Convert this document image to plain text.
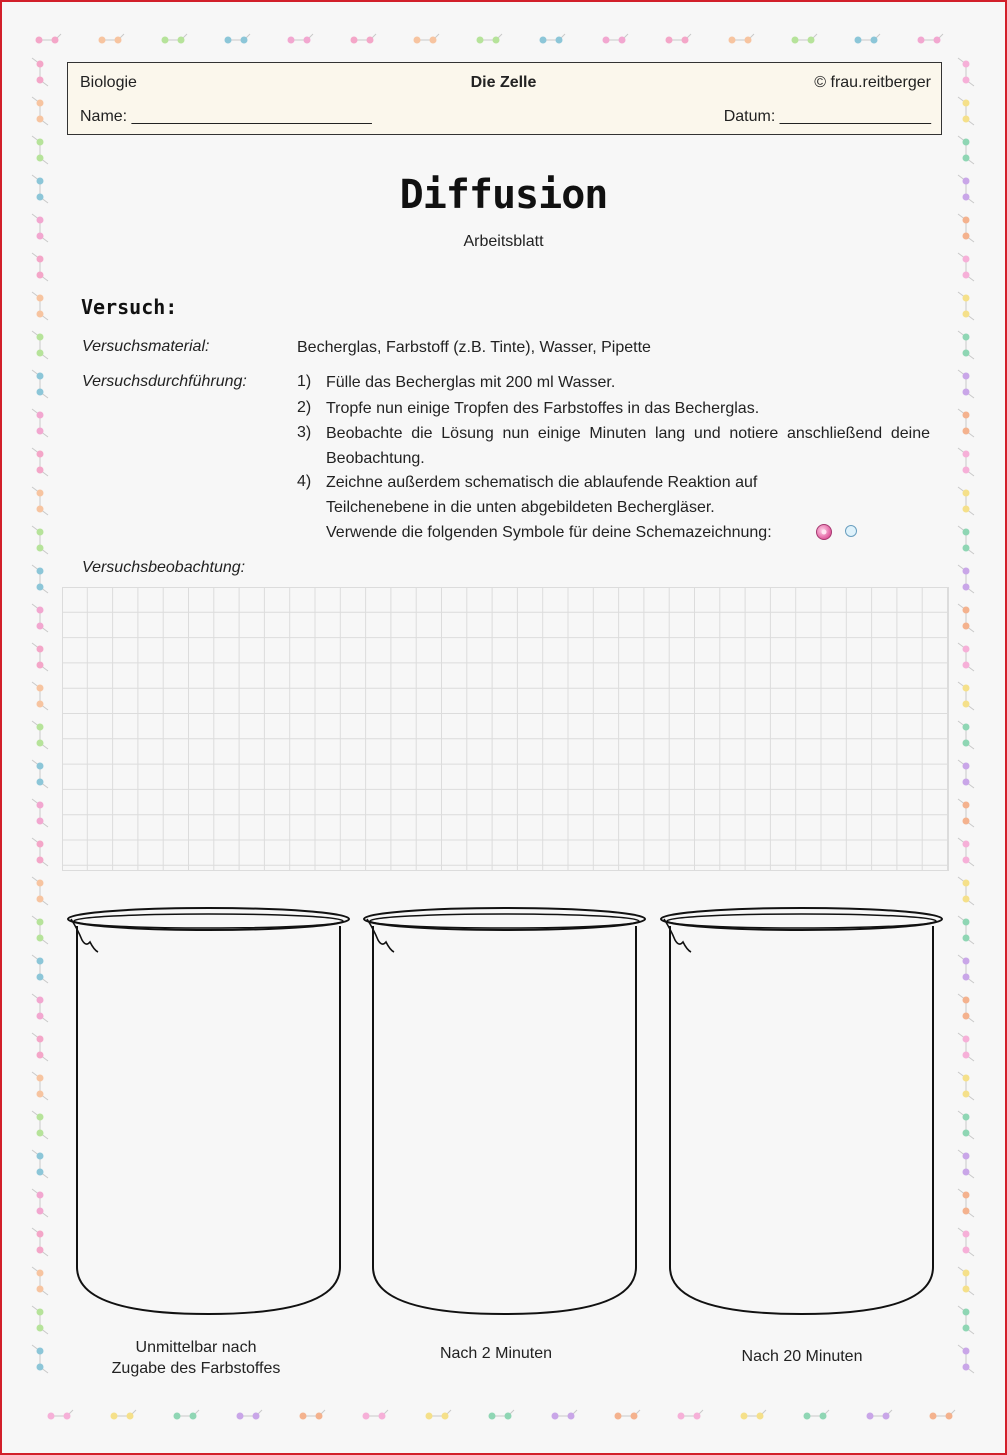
Biologie	Die Zelle	© frau.reitberger
Name: ___________________________	Datum: _________________
Diffusion
Arbeitsblatt
Versuch:
Versuchsmaterial:	Becherglas, Farbstoff (z.B. Tinte), Wasser, Pipette
Versuchsdurchführung:	1) Fülle das Becherglas mit 200 ml Wasser.
2) Tropfe nun einige Tropfen des Farbstoffes in das Becherglas.
3) Beobachte die Lösung nun einige Minuten lang und notiere anschließend deine Beobachtung.
4) Zeichne außerdem schematisch die ablaufende Reaktion auf Teilchenebene in die unten abgebildeten Bechergläser.
Verwende die folgenden Symbole für deine Schemazeichnung:
Versuchsbeobachtung:
Unmittelbar nach
Zugabe des Farbstoffes
Nach 2 Minuten	Nach 20 Minuten
